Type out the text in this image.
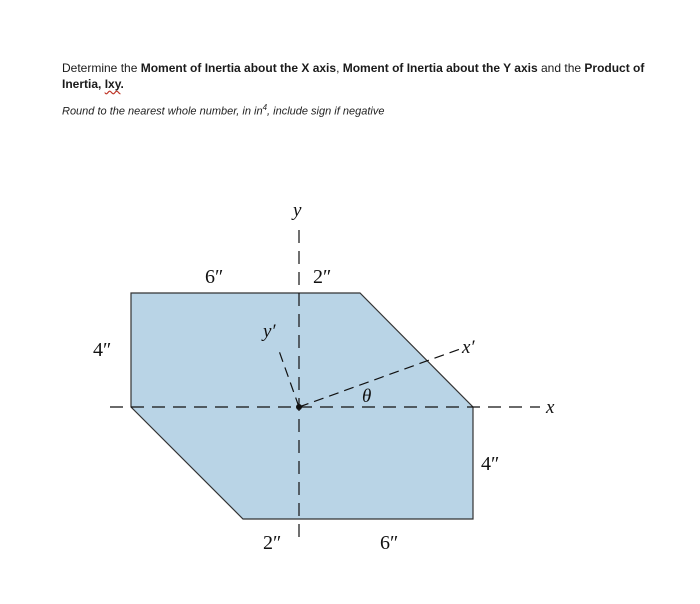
Determine the Moment of Inertia about the X axis, Moment of Inertia about the Y axis and the Product of Inertia, Ixy.
Round to the nearest whole number, in $in^4$, include sign if negative
y
y′
x
x′
θ
6″	2″
4″
4″
2″	6″
